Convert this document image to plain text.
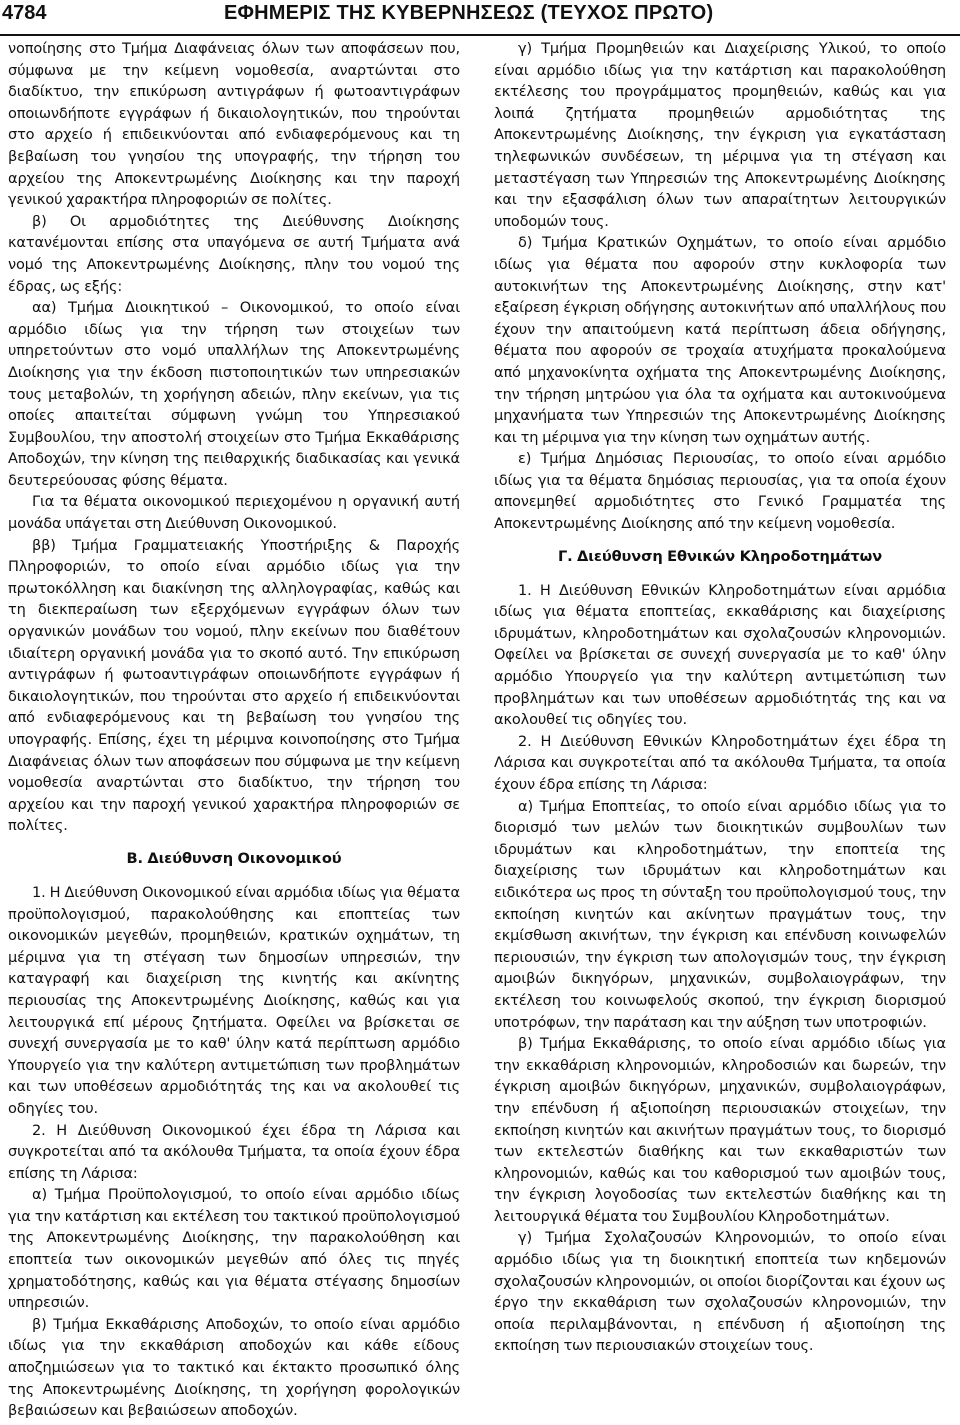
4784	ΕΦΗΜΕΡΙΣ ΤΗΣ ΚΥΒΕΡΝΗΣΕΩΣ (ΤΕΥΧΟΣ ΠΡΩΤΟ)

νοποίησης στο Τμήμα Διαφάνειας όλων των αποφάσεων που, σύμφωνα με την κείμενη νομοθεσία, αναρτώνται στο διαδίκτυο, την επικύρωση αντιγράφων ή φωτοαντιγράφων οποιωνδήποτε εγγράφων ή δικαιολογητικών, που τηρούνται στο αρχείο ή επιδεικνύονται από ενδιαφερόμενους και τη βεβαίωση του γνησίου της υπογραφής, την τήρηση του αρχείου της Αποκεντρωμένης Διοίκησης και την παροχή γενικού χαρακτήρα πληροφοριών σε πολίτες.

β) Οι αρμοδιότητες της Διεύθυνσης Διοίκησης κατανέμονται επίσης στα υπαγόμενα σε αυτή Τμήματα ανά νομό της Αποκεντρωμένης Διοίκησης, πλην του νομού της έδρας, ως εξής:

αα) Τμήμα Διοικητικού – Οικονομικού, το οποίο είναι αρμόδιο ιδίως για την τήρηση των στοιχείων των υπηρετούντων στο νομό υπαλλήλων της Αποκεντρωμένης Διοίκησης για την έκδοση πιστοποιητικών των υπηρεσιακών τους μεταβολών, τη χορήγηση αδειών, πλην εκείνων, για τις οποίες απαιτείται σύμφωνη γνώμη του Υπηρεσιακού Συμβουλίου, την αποστολή στοιχείων στο Τμήμα Εκκαθάρισης Αποδοχών, την κίνηση της πειθαρχικής διαδικασίας και γενικά δευτερεύουσας φύσης θέματα.

Για τα θέματα οικονομικού περιεχομένου η οργανική αυτή μονάδα υπάγεται στη Διεύθυνση Οικονομικού.

ββ) Τμήμα Γραμματειακής Υποστήριξης & Παροχής Πληροφοριών, το οποίο είναι αρμόδιο ιδίως για την πρωτοκόλληση και διακίνηση της αλληλογραφίας, καθώς και τη διεκπεραίωση των εξερχόμενων εγγράφων όλων των οργανικών μονάδων του νομού, πλην εκείνων που διαθέτουν ιδιαίτερη οργανική μονάδα για το σκοπό αυτό. Την επικύρωση αντιγράφων ή φωτοαντιγράφων οποιωνδήποτε εγγράφων ή δικαιολογητικών, που τηρούνται στο αρχείο ή επιδεικνύονται από ενδιαφερόμενους και τη βεβαίωση του γνησίου της υπογραφής. Επίσης, έχει τη μέριμνα κοινοποίησης στο Τμήμα Διαφάνειας όλων των αποφάσεων που σύμφωνα με την κείμενη νομοθεσία αναρτώνται στο διαδίκτυο, την τήρηση του αρχείου και την παροχή γενικού χαρακτήρα πληροφοριών σε πολίτες.

Β. Διεύθυνση Οικονομικού

1. Η Διεύθυνση Οικονομικού είναι αρμόδια ιδίως για θέματα προϋπολογισμού, παρακολούθησης και εποπτείας των οικονομικών μεγεθών, προμηθειών, κρατικών οχημάτων, τη μέριμνα για τη στέγαση των δημοσίων υπηρεσιών, την καταγραφή και διαχείριση της κινητής και ακίνητης περιουσίας της Αποκεντρωμένης Διοίκησης, καθώς και για λειτουργικά επί μέρους ζητήματα. Οφείλει να βρίσκεται σε συνεχή συνεργασία με το καθ' ύλην κατά περίπτωση αρμόδιο Υπουργείο για την καλύτερη αντιμετώπιση των προβλημάτων και των υποθέσεων αρμοδιότητάς της και να ακολουθεί τις οδηγίες του.

2. Η Διεύθυνση Οικονομικού έχει έδρα τη Λάρισα και συγκροτείται από τα ακόλουθα Τμήματα, τα οποία έχουν έδρα επίσης τη Λάρισα:

α) Τμήμα Προϋπολογισμού, το οποίο είναι αρμόδιο ιδίως για την κατάρτιση και εκτέλεση του τακτικού προϋπολογισμού της Αποκεντρωμένης Διοίκησης, την παρακολούθηση και εποπτεία των οικονομικών μεγεθών από όλες τις πηγές χρηματοδότησης, καθώς και για θέματα στέγασης δημοσίων υπηρεσιών.

β) Τμήμα Εκκαθάρισης Αποδοχών, το οποίο είναι αρμόδιο ιδίως για την εκκαθάριση αποδοχών και κάθε είδους αποζημιώσεων για το τακτικό και έκτακτο προσωπικό όλης της Αποκεντρωμένης Διοίκησης, τη χορήγηση φορολογικών βεβαιώσεων και βεβαιώσεων αποδοχών.

γ) Τμήμα Προμηθειών και Διαχείρισης Υλικού, το οποίο είναι αρμόδιο ιδίως για την κατάρτιση και παρακολούθηση εκτέλεσης του προγράμματος προμηθειών, καθώς και για λοιπά ζητήματα προμηθειών αρμοδιότητας της Αποκεντρωμένης Διοίκησης, την έγκριση για εγκατάσταση τηλεφωνικών συνδέσεων, τη μέριμνα για τη στέγαση και μεταστέγαση των Υπηρεσιών της Αποκεντρωμένης Διοίκησης και την εξασφάλιση όλων των απαραίτητων λειτουργικών υποδομών τους.

δ) Τμήμα Κρατικών Οχημάτων, το οποίο είναι αρμόδιο ιδίως για θέματα που αφορούν στην κυκλοφορία των αυτοκινήτων της Αποκεντρωμένης Διοίκησης, στην κατ' εξαίρεση έγκριση οδήγησης αυτοκινήτων από υπαλλήλους που έχουν την απαιτούμενη κατά περίπτωση άδεια οδήγησης, θέματα που αφορούν σε τροχαία ατυχήματα προκαλούμενα από μηχανοκίνητα οχήματα της Αποκεντρωμένης Διοίκησης, την τήρηση μητρώου για όλα τα οχήματα και αυτοκινούμενα μηχανήματα των Υπηρεσιών της Αποκεντρωμένης Διοίκησης και τη μέριμνα για την κίνηση των οχημάτων αυτής.

ε) Τμήμα Δημόσιας Περιουσίας, το οποίο είναι αρμόδιο ιδίως για τα θέματα δημόσιας περιουσίας, για τα οποία έχουν απονεμηθεί αρμοδιότητες στο Γενικό Γραμματέα της Αποκεντρωμένης Διοίκησης από την κείμενη νομοθεσία.

Γ. Διεύθυνση Εθνικών Κληροδοτημάτων

1. Η Διεύθυνση Εθνικών Κληροδοτημάτων είναι αρμόδια ιδίως για θέματα εποπτείας, εκκαθάρισης και διαχείρισης ιδρυμάτων, κληροδοτημάτων και σχολαζουσών κληρονομιών. Οφείλει να βρίσκεται σε συνεχή συνεργασία με το καθ' ύλην αρμόδιο Υπουργείο για την καλύτερη αντιμετώπιση των προβλημάτων και των υποθέσεων αρμοδιότητάς της και να ακολουθεί τις οδηγίες του.

2. Η Διεύθυνση Εθνικών Κληροδοτημάτων έχει έδρα τη Λάρισα και συγκροτείται από τα ακόλουθα Τμήματα, τα οποία έχουν έδρα επίσης τη Λάρισα:

α) Τμήμα Εποπτείας, το οποίο είναι αρμόδιο ιδίως για το διορισμό των μελών των διοικητικών συμβουλίων των ιδρυμάτων και κληροδοτημάτων, την εποπτεία της διαχείρισης των ιδρυμάτων και κληροδοτημάτων και ειδικότερα ως προς τη σύνταξη του προϋπολογισμού τους, την εκποίηση κινητών και ακίνητων πραγμάτων τους, την εκμίσθωση ακινήτων, την έγκριση και επένδυση κοινωφελών περιουσιών, την έγκριση των απολογισμών τους, την έγκριση αμοιβών δικηγόρων, μηχανικών, συμβολαιογράφων, την εκτέλεση του κοινωφελούς σκοπού, την έγκριση διορισμού υποτρόφων, την παράταση και την αύξηση των υποτροφιών.

β) Τμήμα Εκκαθάρισης, το οποίο είναι αρμόδιο ιδίως για την εκκαθάριση κληρονομιών, κληροδοσιών και δωρεών, την έγκριση αμοιβών δικηγόρων, μηχανικών, συμβολαιογράφων, την επένδυση ή αξιοποίηση περιουσιακών στοιχείων, την εκποίηση κινητών και ακινήτων πραγμάτων τους, το διορισμό των εκτελεστών διαθήκης και των εκκαθαριστών των κληρονομιών, καθώς και του καθορισμού των αμοιβών τους, την έγκριση λογοδοσίας των εκτελεστών διαθήκης και τη λειτουργικά θέματα του Συμβουλίου Κληροδοτημάτων.

γ) Τμήμα Σχολαζουσών Κληρονομιών, το οποίο είναι αρμόδιο ιδίως για τη διοικητική εποπτεία των κηδεμονών σχολαζουσών κληρονομιών, οι οποίοι διορίζονται και έχουν ως έργο την εκκαθάριση των σχολαζουσών κληρονομιών, την οποία περιλαμβάνονται, η επένδυση ή αξιοποίηση της εκποίηση των περιουσιακών στοιχείων τους.
